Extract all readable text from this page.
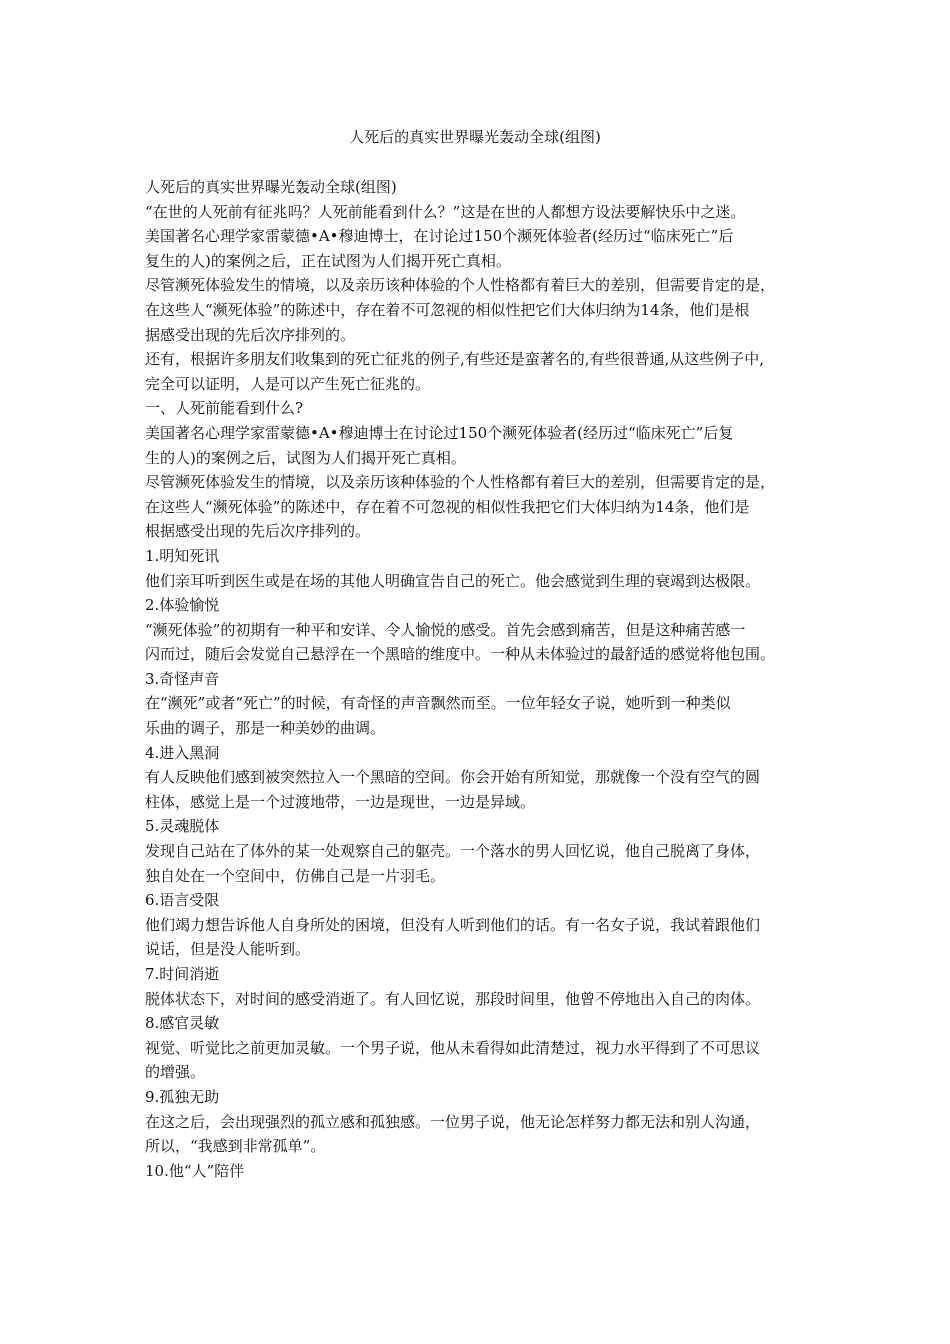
人死后的真实世界曝光轰动全球(组图)

人死后的真实世界曝光轰动全球(组图)

“在世的人死前有征兆吗？人死前能看到什么？”这是在世的人都想方设法要解快乐中之迷。

美国著名心理学家雷蒙德•A•穆迪博士，在讨论过150个濒死体验者(经历过“临床死亡”后

复生的人)的案例之后，正在试图为人们揭开死亡真相。

尽管濒死体验发生的情境，以及亲历该种体验的个人性格都有着巨大的差别，但需要肯定的是，

在这些人“濒死体验”的陈述中，存在着不可忽视的相似性把它们大体归纳为14条，他们是根

据感受出现的先后次序排列的。

还有，根据许多朋友们收集到的死亡征兆的例子,有些还是蛮著名的,有些很普通,从这些例子中,

完全可以证明，人是可以产生死亡征兆的。

一、人死前能看到什么?

美国著名心理学家雷蒙德•A•穆迪博士在讨论过150个濒死体验者(经历过“临床死亡”后复

生的人)的案例之后，试图为人们揭开死亡真相。

尽管濒死体验发生的情境，以及亲历该种体验的个人性格都有着巨大的差别，但需要肯定的是，

在这些人“濒死体验”的陈述中，存在着不可忽视的相似性我把它们大体归纳为14条，他们是

根据感受出现的先后次序排列的。

1.明知死讯

他们亲耳听到医生或是在场的其他人明确宣告自己的死亡。他会感觉到生理的衰竭到达极限。

2.体验愉悦

“濒死体验”的初期有一种平和安详、令人愉悦的感受。首先会感到痛苦，但是这种痛苦感一

闪而过，随后会发觉自己悬浮在一个黑暗的维度中。一种从未体验过的最舒适的感觉将他包围。

3.奇怪声音

在“濒死”或者“死亡”的时候，有奇怪的声音飘然而至。一位年轻女子说，她听到一种类似

乐曲的调子，那是一种美妙的曲调。

4.进入黑洞

有人反映他们感到被突然拉入一个黑暗的空间。你会开始有所知觉，那就像一个没有空气的圆

柱体，感觉上是一个过渡地带，一边是现世，一边是异域。

5.灵魂脱体

发现自己站在了体外的某一处观察自己的躯壳。一个落水的男人回忆说，他自己脱离了身体，

独自处在一个空间中，仿佛自己是一片羽毛。

6.语言受限

他们竭力想告诉他人自身所处的困境，但没有人听到他们的话。有一名女子说，我试着跟他们

说话，但是没人能听到。

7.时间消逝

脱体状态下，对时间的感受消逝了。有人回忆说，那段时间里，他曾不停地出入自己的肉体。

8.感官灵敏

视觉、听觉比之前更加灵敏。一个男子说，他从未看得如此清楚过，视力水平得到了不可思议

的增强。

9.孤独无助

在这之后，会出现强烈的孤立感和孤独感。一位男子说，他无论怎样努力都无法和别人沟通，

所以，“我感到非常孤单”。

10.他“人”陪伴
